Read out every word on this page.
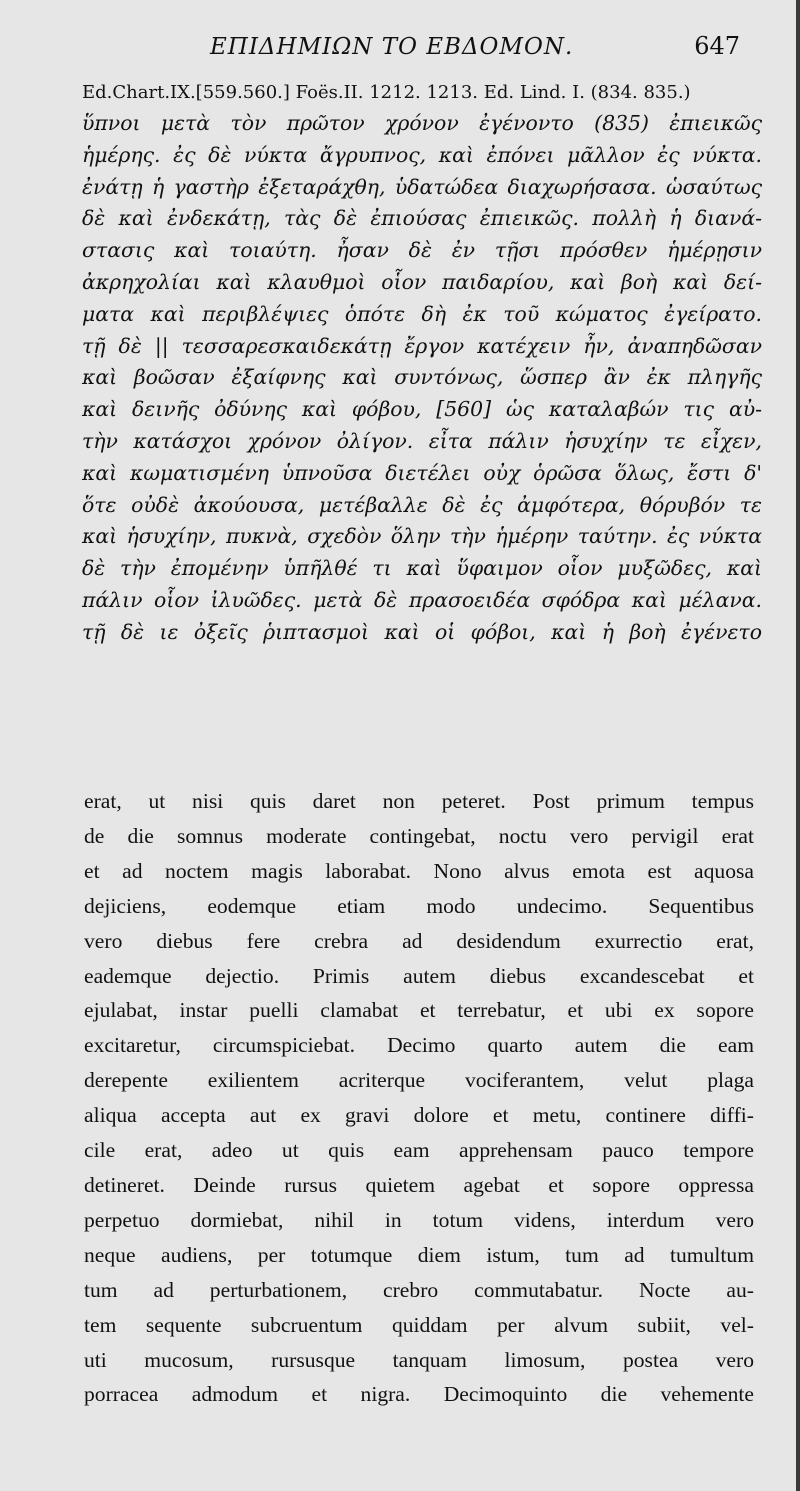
ΕΠΙΔΗΜΙΩΝ ΤΟ ΕΒΔΟΜΟΝ.	647
Ed.Chart.IX.[559.560.] Foës.II. 1212. 1213. Ed. Lind. I. (834. 835.)
ὕπνοι μετὰ τὸν πρῶτον χρόνον ἐγένοντο (835) ἐπιεικῶς
ἡμέρης. ἐς δὲ νύκτα ἄγρυπνος, καὶ ἐπόνει μᾶλλον ἐς νύκτα.
ἐνάτῃ ἡ γαστὴρ ἐξεταράχθη, ὑδατώδεα διαχωρήσασα. ὡσαύτως
δὲ καὶ ἐνδεκάτῃ, τὰς δὲ ἐπιούσας ἐπιεικῶς. πολλὴ ἡ διανά-
στασις καὶ τοιαύτη. ἦσαν δὲ ἐν τῇσι πρόσθεν ἡμέρῃσιν
ἀκρηχολίαι καὶ κλαυθμοὶ οἷον παιδαρίου, καὶ βοὴ καὶ δεί-
ματα καὶ περιβλέψιες ὁπότε δὴ ἐκ τοῦ κώματος ἐγείρατο.
τῇ δὲ || τεσσαρεσκαιδεκάτῃ ἔργον κατέχειν ἦν, ἀναπηδῶσαν
καὶ βοῶσαν ἐξαίφνης καὶ συντόνως, ὥσπερ ἂν ἐκ πληγῆς
καὶ δεινῆς ὀδύνης καὶ φόβου, [560] ὡς καταλαβών τις αὐ-
τὴν κατάσχοι χρόνον ὀλίγον. εἶτα πάλιν ἡσυχίην τε εἶχεν,
καὶ κωματισμένη ὑπνοῦσα διετέλει οὐχ ὁρῶσα ὅλως, ἔστι δ'
ὅτε οὐδὲ ἀκούουσα, μετέβαλλε δὲ ἐς ἀμφότερα, θόρυβόν τε
καὶ ἡσυχίην, πυκνὰ, σχεδὸν ὅλην τὴν ἡμέρην ταύτην. ἐς νύκτα
δὲ τὴν ἐπομένην ὑπῆλθέ τι καὶ ὕφαιμον οἷον μυξῶδες, καὶ
πάλιν οἷον ἰλυῶδες. μετὰ δὲ πρασοειδέα σφόδρα καὶ μέλανα.
τῇ δὲ ιε ὀξεῖς ῥιπτασμοὶ καὶ οἱ φόβοι, καὶ ἡ βοὴ ἐγένετο
erat, ut nisi quis daret non peteret. Post primum tempus
de die somnus moderate contingebat, noctu vero pervigil erat
et ad noctem magis laborabat. Nono alvus emota est aquosa
dejiciens, eodemque etiam modo undecimo. Sequentibus
vero diebus fere crebra ad desidendum exurrectio erat,
eademque dejectio. Primis autem diebus excandescebat et
ejulabat, instar puelli clamabat et terrebatur, et ubi ex sopore
excitaretur, circumspiciebat. Decimo quarto autem die eam
derepente exilientem acriterque vociferantem, velut plaga
aliqua accepta aut ex gravi dolore et metu, continere diffi-
cile erat, adeo ut quis eam apprehensam pauco tempore
detineret. Deinde rursus quietem agebat et sopore oppressa
perpetuo dormiebat, nihil in totum videns, interdum vero
neque audiens, per totumque diem istum, tum ad tumultum
tum ad perturbationem, crebro commutabatur. Nocte au-
tem sequente subcruentum quiddam per alvum subiit, vel-
uti mucosum, rursusque tanquam limosum, postea vero
porracea admodum et nigra. Decimoquinto die vehemente
